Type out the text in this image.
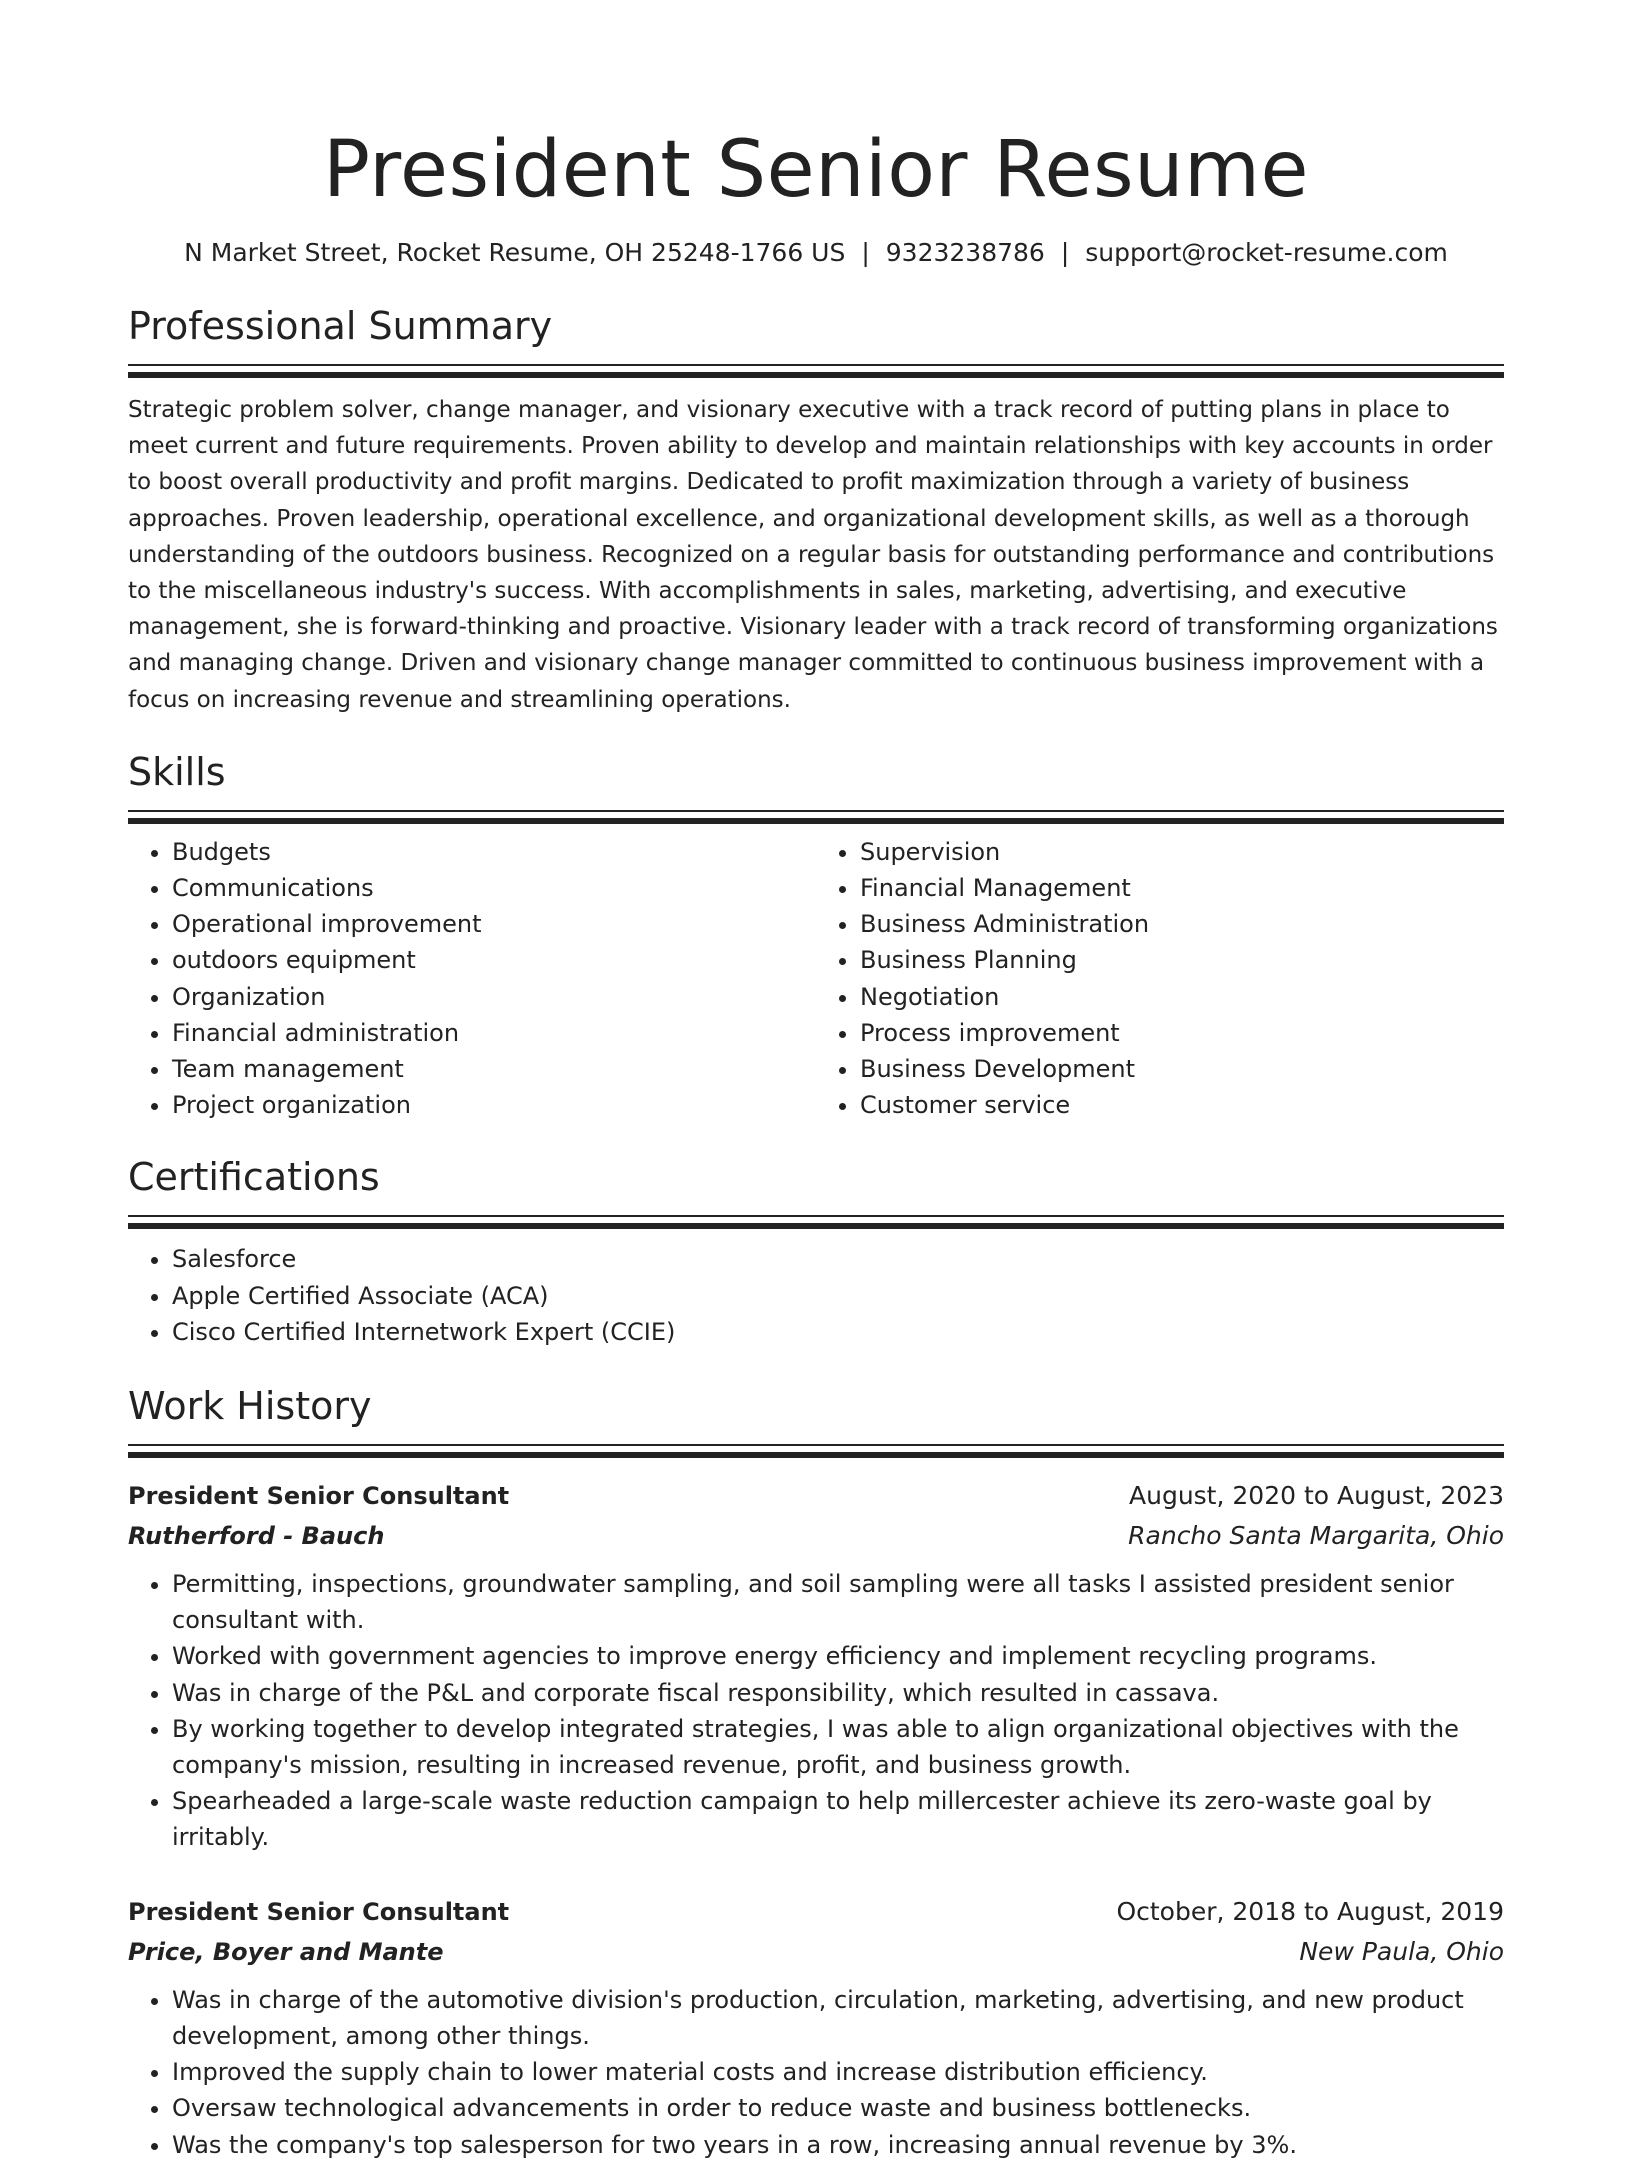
President Senior Resume
N Market Street, Rocket Resume, OH 25248-1766 US | 9323238786 | support@rocket-resume.com
Professional Summary

Strategic problem solver, change manager, and visionary executive with a track record of putting plans in place to meet current and future requirements. Proven ability to develop and maintain relationships with key accounts in order to boost overall productivity and profit margins. Dedicated to profit maximization through a variety of business approaches. Proven leadership, operational excellence, and organizational development skills, as well as a thorough understanding of the outdoors business. Recognized on a regular basis for outstanding performance and contributions to the miscellaneous industry's success. With accomplishments in sales, marketing, advertising, and executive management, she is forward-thinking and proactive. Visionary leader with a track record of transforming organizations and managing change. Driven and visionary change manager committed to continuous business improvement with a focus on increasing revenue and streamlining operations.

Skills
• Budgets
• Communications
• Operational improvement
• outdoors equipment
• Organization
• Financial administration
• Team management
• Project organization
• Supervision
• Financial Management
• Business Administration
• Business Planning
• Negotiation
• Process improvement
• Business Development
• Customer service
Certifications
• Salesforce
• Apple Certified Associate (ACA)
• Cisco Certified Internetwork Expert (CCIE)
Work History
President Senior Consultant	August, 2020 to August, 2023
Rutherford - Bauch	Rancho Santa Margarita, Ohio
• Permitting, inspections, groundwater sampling, and soil sampling were all tasks I assisted president senior consultant with.
• Worked with government agencies to improve energy efficiency and implement recycling programs.
• Was in charge of the P&L and corporate fiscal responsibility, which resulted in cassava.
• By working together to develop integrated strategies, I was able to align organizational objectives with the company's mission, resulting in increased revenue, profit, and business growth.
• Spearheaded a large-scale waste reduction campaign to help millercester achieve its zero-waste goal by irritably.
President Senior Consultant	October, 2018 to August, 2019
Price, Boyer and Mante	New Paula, Ohio
• Was in charge of the automotive division's production, circulation, marketing, advertising, and new product development, among other things.
• Improved the supply chain to lower material costs and increase distribution efficiency.
• Oversaw technological advancements in order to reduce waste and business bottlenecks.
• Was the company's top salesperson for two years in a row, increasing annual revenue by 3%.
